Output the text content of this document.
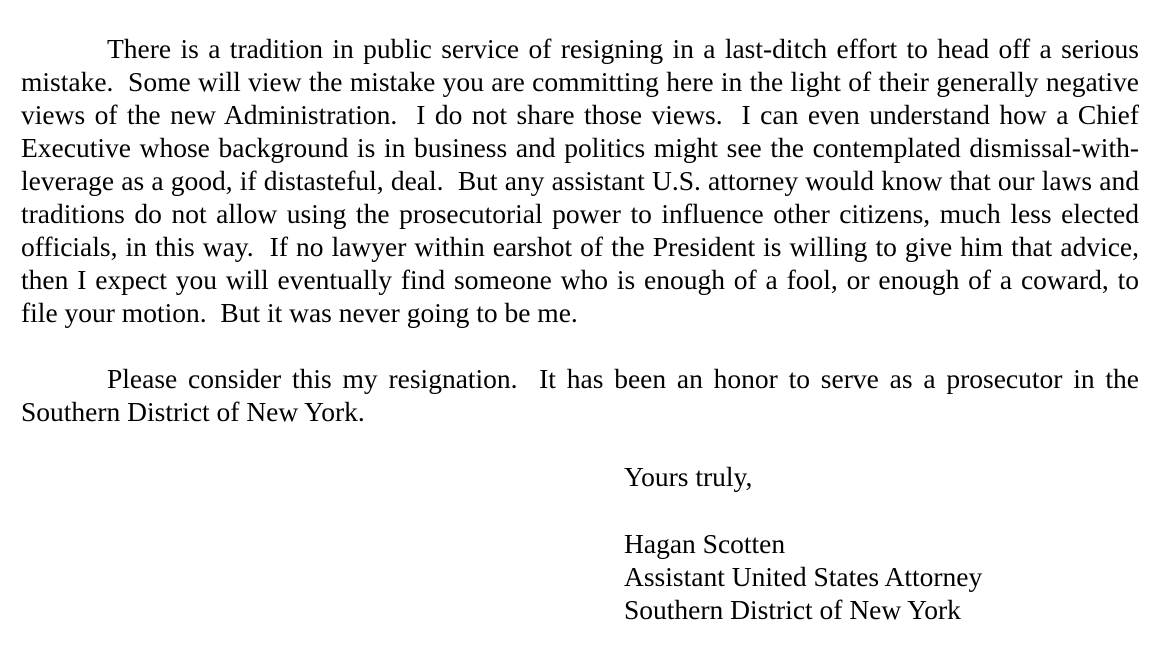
There is a tradition in public service of resigning in a last-ditch effort to head off a serious mistake.  Some will view the mistake you are committing here in the light of their generally negative views of the new Administration.  I do not share those views.  I can even understand how a Chief Executive whose background is in business and politics might see the contemplated dismissal-with-leverage as a good, if distasteful, deal.  But any assistant U.S. attorney would know that our laws and traditions do not allow using the prosecutorial power to influence other citizens, much less elected officials, in this way.  If no lawyer within earshot of the President is willing to give him that advice, then I expect you will eventually find someone who is enough of a fool, or enough of a coward, to file your motion.  But it was never going to be me.

Please consider this my resignation.  It has been an honor to serve as a prosecutor in the Southern District of New York.

Yours truly,
Hagan Scotten
Assistant United States Attorney
Southern District of New York
